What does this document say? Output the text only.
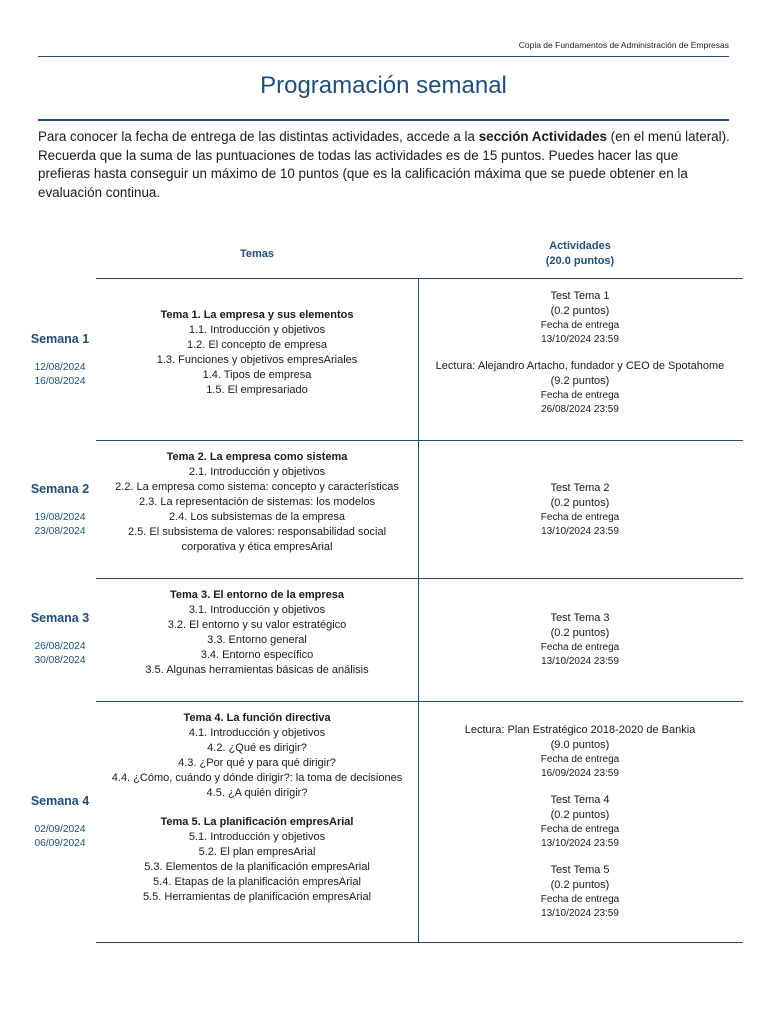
Copia de Fundamentos de Administración de Empresas
Programación semanal
Para conocer la fecha de entrega de las distintas actividades, accede a la sección Actividades (en el menú lateral). Recuerda que la suma de las puntuaciones de todas las actividades es de 15 puntos. Puedes hacer las que prefieras hasta conseguir un máximo de 10 puntos (que es la calificación máxima que se puede obtener en la evaluación continua.
Temas
Actividades
(20.0 puntos)
Semana 1
12/08/2024
16/08/2024
Tema 1. La empresa y sus elementos
1.1. Introducción y objetivos
1.2. El concepto de empresa
1.3. Funciones y objetivos empresAriales
1.4. Tipos de empresa
1.5. El empresariado
Test Tema 1
(0.2 puntos)
Fecha de entrega
13/10/2024 23:59
Lectura: Alejandro Artacho, fundador y CEO de Spotahome
(9.2 puntos)
Fecha de entrega
26/08/2024 23:59
Semana 2
19/08/2024
23/08/2024
Tema 2. La empresa como sistema
2.1. Introducción y objetivos
2.2. La empresa como sistema: concepto y características
2.3. La representación de sistemas: los modelos
2.4. Los subsistemas de la empresa
2.5. El subsistema de valores: responsabilidad social corporativa y ética empresArial
Test Tema 2
(0.2 puntos)
Fecha de entrega
13/10/2024 23:59
Semana 3
26/08/2024
30/08/2024
Tema 3. El entorno de la empresa
3.1. Introducción y objetivos
3.2. El entorno y su valor estratégico
3.3. Entorno general
3.4. Entorno específico
3.5. Algunas herramientas básicas de análisis
Test Tema 3
(0.2 puntos)
Fecha de entrega
13/10/2024 23:59
Semana 4
02/09/2024
06/09/2024
Tema 4. La función directiva
4.1. Introducción y objetivos
4.2. ¿Qué es dirigir?
4.3. ¿Por qué y para qué dirigir?
4.4. ¿Cómo, cuándo y dónde dirigir?: la toma de decisiones
4.5. ¿A quién dirigir?
Tema 5. La planificación empresArial
5.1. Introducción y objetivos
5.2. El plan empresArial
5.3. Elementos de la planificación empresArial
5.4. Etapas de la planificación empresArial
5.5. Herramientas de planificación empresArial
Lectura: Plan Estratégico 2018-2020 de Bankia
(9.0 puntos)
Fecha de entrega
16/09/2024 23:59
Test Tema 4
(0.2 puntos)
Fecha de entrega
13/10/2024 23:59
Test Tema 5
(0.2 puntos)
Fecha de entrega
13/10/2024 23:59
